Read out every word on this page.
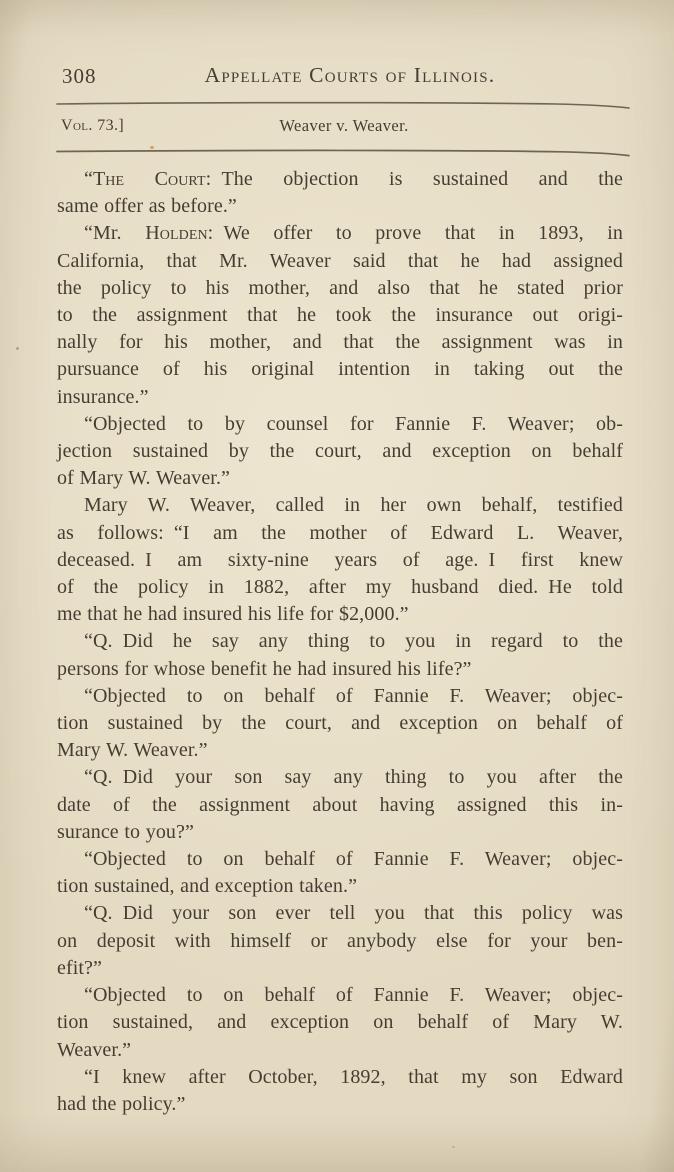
308	Appellate Courts of Illinois.
Vol. 73.]	Weaver v. Weaver.
“The Court: The objection is sustained and the
same offer as before.”
“Mr. Holden: We offer to prove that in 1893, in
California, that Mr. Weaver said that he had assigned
the policy to his mother, and also that he stated prior
to the assignment that he took the insurance out origi-
nally for his mother, and that the assignment was in
pursuance of his original intention in taking out the
insurance.”
“Objected to by counsel for Fannie F. Weaver; ob-
jection sustained by the court, and exception on behalf
of Mary W. Weaver.”
Mary W. Weaver, called in her own behalf, testified
as follows: “I am the mother of Edward L. Weaver,
deceased. I am sixty-nine years of age. I first knew
of the policy in 1882, after my husband died. He told
me that he had insured his life for $2,000.”
“Q. Did he say any thing to you in regard to the
persons for whose benefit he had insured his life?”
“Objected to on behalf of Fannie F. Weaver; objec-
tion sustained by the court, and exception on behalf of
Mary W. Weaver.”
“Q. Did your son say any thing to you after the
date of the assignment about having assigned this in-
surance to you?”
“Objected to on behalf of Fannie F. Weaver; objec-
tion sustained, and exception taken.”
“Q. Did your son ever tell you that this policy was
on deposit with himself or anybody else for your ben-
efit?”
“Objected to on behalf of Fannie F. Weaver; objec-
tion sustained, and exception on behalf of Mary W.
Weaver.”
“I knew after October, 1892, that my son Edward
had the policy.”
